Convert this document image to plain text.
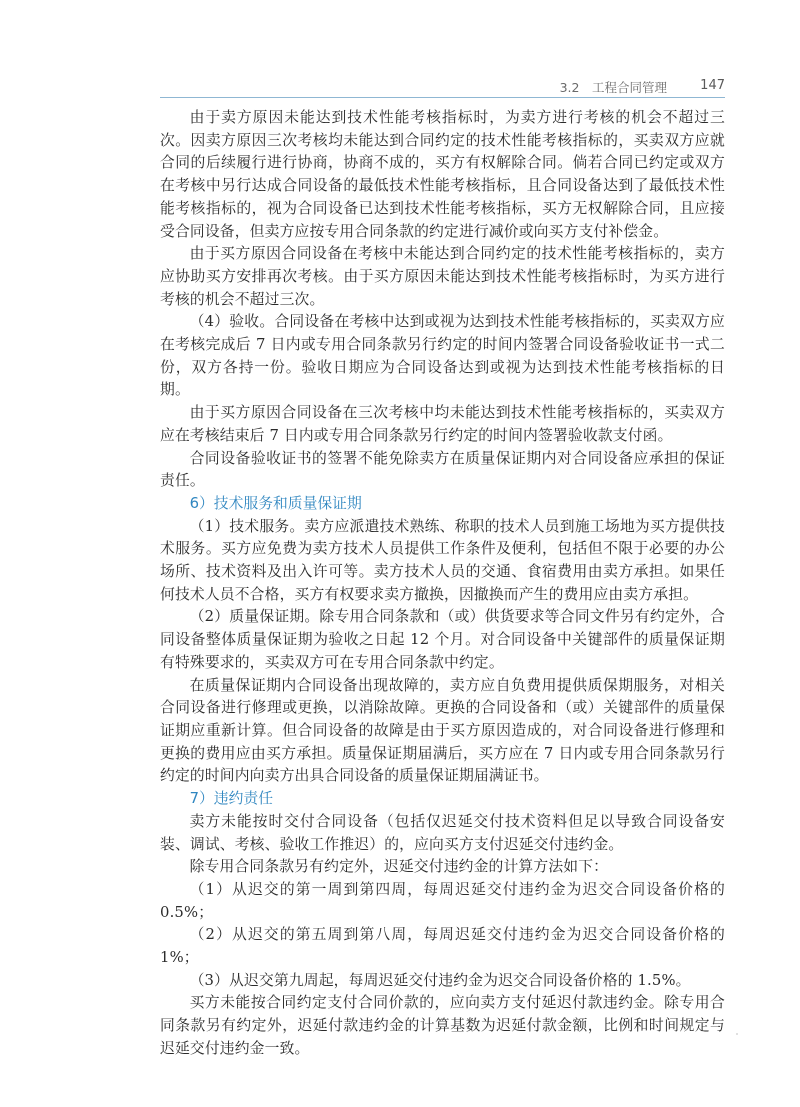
3.2　工程合同管理	147

由于卖方原因未能达到技术性能考核指标时，为卖方进行考核的机会不超过三次。因卖方原因三次考核均未能达到合同约定的技术性能考核指标的，买卖双方应就合同的后续履行进行协商，协商不成的，买方有权解除合同。倘若合同已约定或双方在考核中另行达成合同设备的最低技术性能考核指标，且合同设备达到了最低技术性能考核指标的，视为合同设备已达到技术性能考核指标，买方无权解除合同，且应接受合同设备，但卖方应按专用合同条款的约定进行减价或向买方支付补偿金。

由于买方原因合同设备在考核中未能达到合同约定的技术性能考核指标的，卖方应协助买方安排再次考核。由于买方原因未能达到技术性能考核指标时，为买方进行考核的机会不超过三次。

（4）验收。合同设备在考核中达到或视为达到技术性能考核指标的，买卖双方应在考核完成后 7 日内或专用合同条款另行约定的时间内签署合同设备验收证书一式二份，双方各持一份。验收日期应为合同设备达到或视为达到技术性能考核指标的日期。

由于买方原因合同设备在三次考核中均未能达到技术性能考核指标的，买卖双方应在考核结束后 7 日内或专用合同条款另行约定的时间内签署验收款支付函。

合同设备验收证书的签署不能免除卖方在质量保证期内对合同设备应承担的保证责任。

6）技术服务和质量保证期

（1）技术服务。卖方应派遣技术熟练、称职的技术人员到施工场地为买方提供技术服务。买方应免费为卖方技术人员提供工作条件及便利，包括但不限于必要的办公场所、技术资料及出入许可等。卖方技术人员的交通、食宿费用由卖方承担。如果任何技术人员不合格，买方有权要求卖方撤换，因撤换而产生的费用应由卖方承担。

（2）质量保证期。除专用合同条款和（或）供货要求等合同文件另有约定外，合同设备整体质量保证期为验收之日起 12 个月。对合同设备中关键部件的质量保证期有特殊要求的，买卖双方可在专用合同条款中约定。

在质量保证期内合同设备出现故障的，卖方应自负费用提供质保期服务，对相关合同设备进行修理或更换，以消除故障。更换的合同设备和（或）关键部件的质量保证期应重新计算。但合同设备的故障是由于买方原因造成的，对合同设备进行修理和更换的费用应由买方承担。质量保证期届满后，买方应在 7 日内或专用合同条款另行约定的时间内向卖方出具合同设备的质量保证期届满证书。

7）违约责任

卖方未能按时交付合同设备（包括仅迟延交付技术资料但足以导致合同设备安装、调试、考核、验收工作推迟）的，应向买方支付迟延交付违约金。

除专用合同条款另有约定外，迟延交付违约金的计算方法如下：

（1）从迟交的第一周到第四周，每周迟延交付违约金为迟交合同设备价格的 0.5%；

（2）从迟交的第五周到第八周，每周迟延交付违约金为迟交合同设备价格的 1%；

（3）从迟交第九周起，每周迟延交付违约金为迟交合同设备价格的 1.5%。

买方未能按合同约定支付合同价款的，应向卖方支付延迟付款违约金。除专用合同条款另有约定外，迟延付款违约金的计算基数为迟延付款金额，比例和时间规定与迟延交付违约金一致。
